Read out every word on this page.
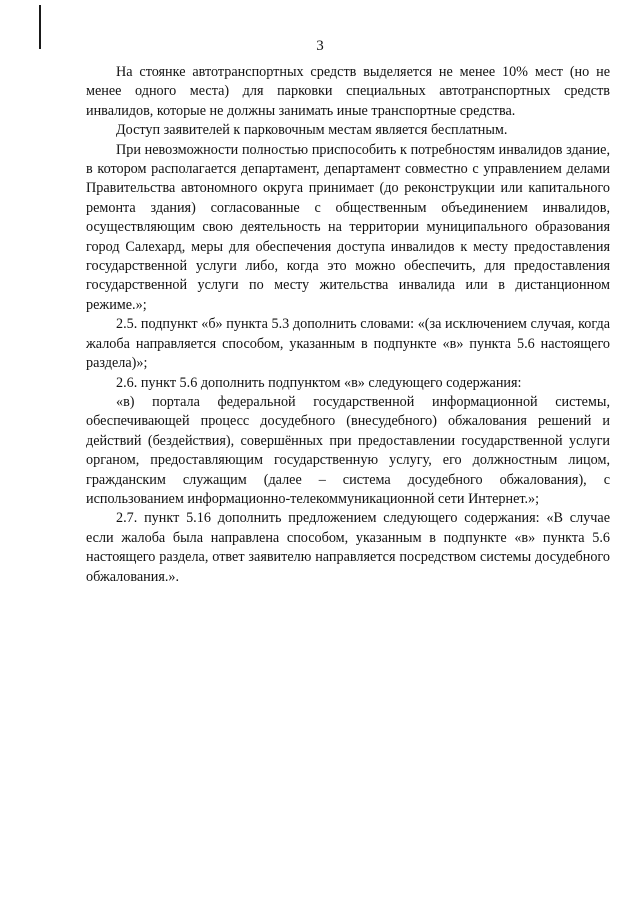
3

На стоянке автотранспортных средств выделяется не менее 10% мест (но не менее одного места) для парковки специальных автотранспортных средств инвалидов, которые не должны занимать иные транспортные средства.

Доступ заявителей к парковочным местам является бесплатным.

При невозможности полностью приспособить к потребностям инвалидов здание, в котором располагается департамент, департамент совместно с управлением делами Правительства автономного округа принимает (до реконструкции или капитального ремонта здания) согласованные с общественным объединением инвалидов, осуществляющим свою деятельность на территории муниципального образования город Салехард, меры для обеспечения доступа инвалидов к месту предоставления государственной услуги либо, когда это можно обеспечить, для предоставления государственной услуги по месту жительства инвалида или в дистанционном режиме.»;

2.5. подпункт «б» пункта 5.3 дополнить словами: «(за исключением случая, когда жалоба направляется способом, указанным в подпункте «в» пункта 5.6 настоящего раздела)»;

2.6. пункт 5.6 дополнить подпунктом «в» следующего содержания:

«в) портала федеральной государственной информационной системы, обеспечивающей процесс досудебного (внесудебного) обжалования решений и действий (бездействия), совершённых при предоставлении государственной услуги органом, предоставляющим государственную услугу, его должностным лицом, гражданским служащим (далее – система досудебного обжалования), с использованием информационно-телекоммуникационной сети Интернет.»;

2.7. пункт 5.16 дополнить предложением следующего содержания: «В случае если жалоба была направлена способом, указанным в подпункте «в» пункта 5.6 настоящего раздела, ответ заявителю направляется посредством системы досудебного обжалования.».
